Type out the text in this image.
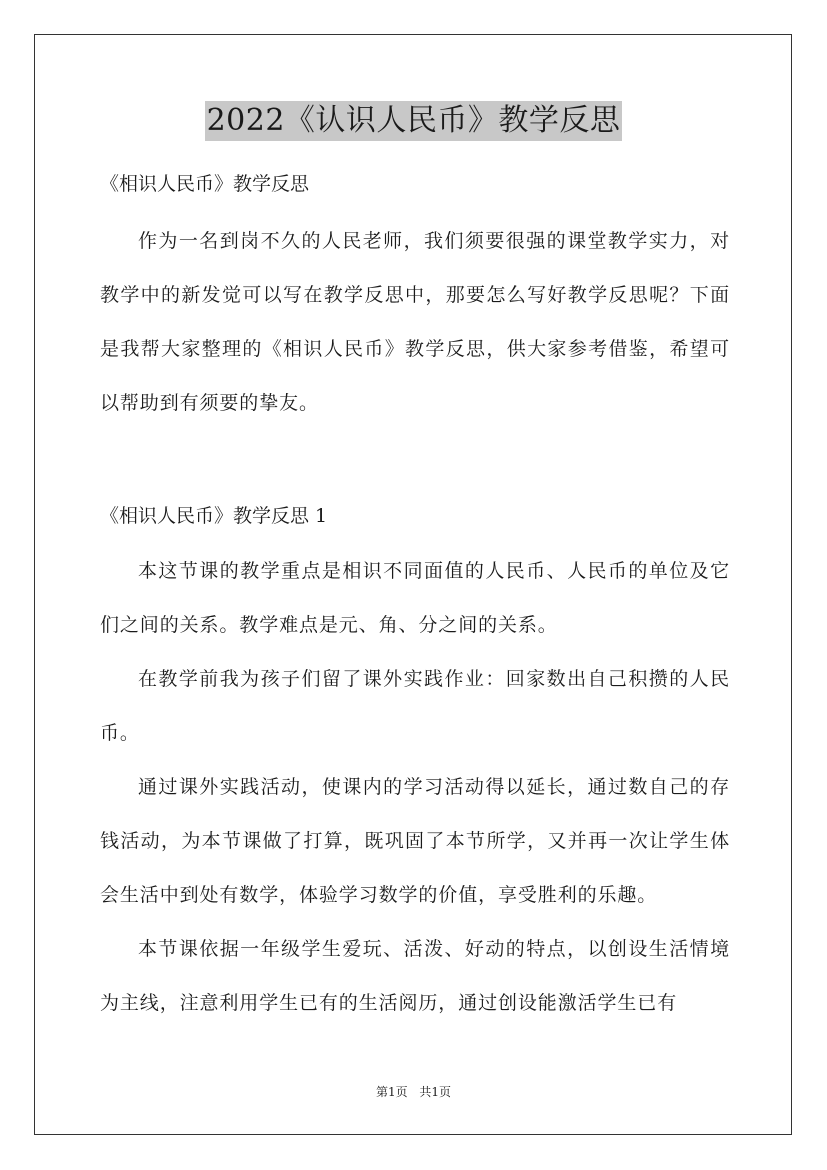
2022《认识人民币》教学反思

《相识人民币》教学反思

作为一名到岗不久的人民老师，我们须要很强的课堂教学实力，对教学中的新发觉可以写在教学反思中，那要怎么写好教学反思呢？下面是我帮大家整理的《相识人民币》教学反思，供大家参考借鉴，希望可以帮助到有须要的挚友。

《相识人民币》教学反思 1

本这节课的教学重点是相识不同面值的人民币、人民币的单位及它们之间的关系。教学难点是元、角、分之间的关系。

在教学前我为孩子们留了课外实践作业：回家数出自己积攒的人民币。

通过课外实践活动，使课内的学习活动得以延长，通过数自己的存钱活动，为本节课做了打算，既巩固了本节所学，又并再一次让学生体会生活中到处有数学，体验学习数学的价值，享受胜利的乐趣。

本节课依据一年级学生爱玩、活泼、好动的特点，以创设生活情境为主线，注意利用学生已有的生活阅历，通过创设能激活学生已有

第1页 共1页
